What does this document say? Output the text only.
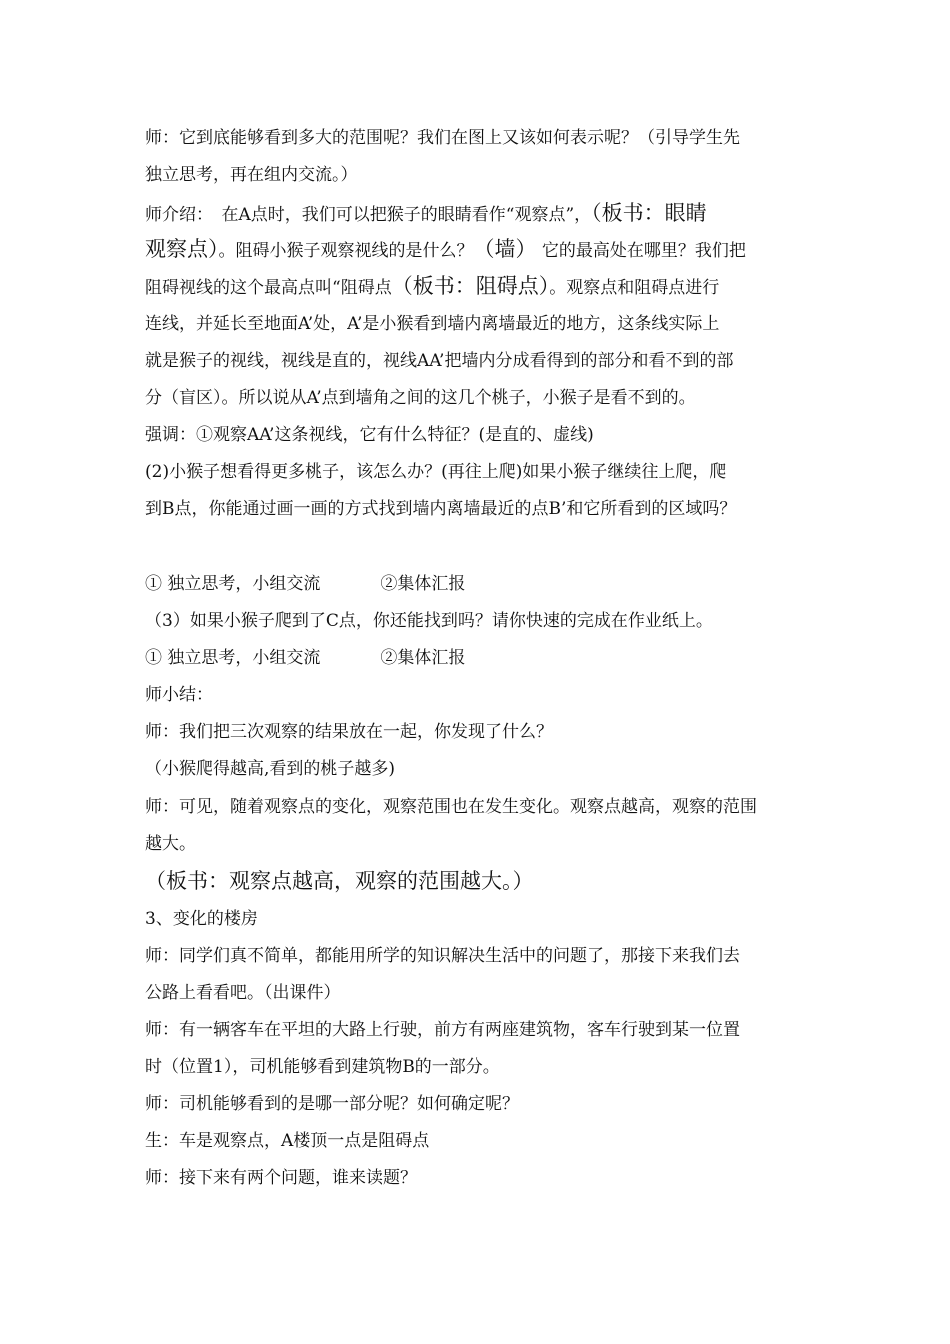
师：它到底能够看到多大的范围呢？我们在图上又该如何表示呢？（引导学生先
独立思考，再在组内交流。）
师介绍：　在A点时，我们可以把猴子的眼睛看作“观察点”，（板书：眼睛
观察点）。阻碍小猴子观察视线的是什么？（墙） 它的最高处在哪里？我们把
阻碍视线的这个最高点叫“阻碍点（板书：阻碍点）。观察点和阻碍点进行
连线，并延长至地面A’处，A’是小猴看到墙内离墙最近的地方，这条线实际上
就是猴子的视线，视线是直的，视线AA’把墙内分成看得到的部分和看不到的部
分（盲区）。所以说从A’点到墙角之间的这几个桃子，小猴子是看不到的。
强调：①观察AA’这条视线，它有什么特征？(是直的、虚线)
(2)小猴子想看得更多桃子，该怎么办？(再往上爬)如果小猴子继续往上爬，爬
到B点，你能通过画一画的方式找到墙内离墙最近的点B’和它所看到的区域吗？
① 独立思考，小组交流	②集体汇报
（3）如果小猴子爬到了C点，你还能找到吗？请你快速的完成在作业纸上。
① 独立思考，小组交流	②集体汇报
师小结：
师：我们把三次观察的结果放在一起，你发现了什么？
（小猴爬得越高,看到的桃子越多)
师：可见，随着观察点的变化，观察范围也在发生变化。观察点越高，观察的范围
越大。
（板书：观察点越高，观察的范围越大。）
3、变化的楼房
师：同学们真不简单，都能用所学的知识解决生活中的问题了，那接下来我们去
公路上看看吧。（出课件）
师：有一辆客车在平坦的大路上行驶，前方有两座建筑物，客车行驶到某一位置
时（位置1），司机能够看到建筑物B的一部分。
师：司机能够看到的是哪一部分呢？如何确定呢？
生：车是观察点，A楼顶一点是阻碍点
师：接下来有两个问题，谁来读题？
